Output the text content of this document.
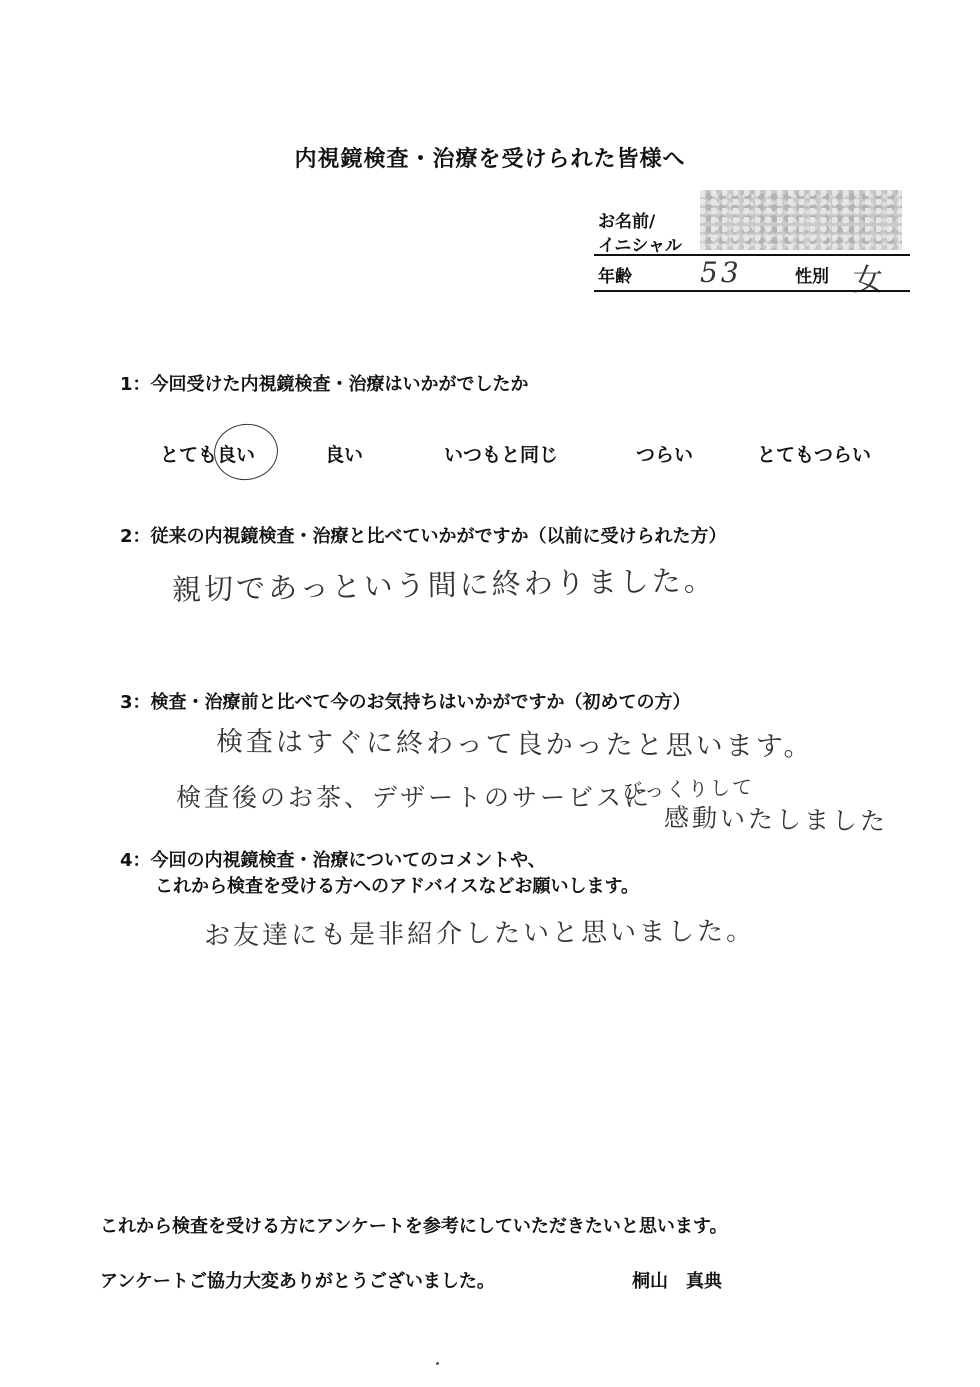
内視鏡検査・治療を受けられた皆様へ
お名前/
イニシャル
年齢 53	性別 女
1：今回受けた内視鏡検査・治療はいかがでしたか
とても良い	良い	いつもと同じ	つらい	とてもつらい
2：従来の内視鏡検査・治療と比べていかがですか（以前に受けられた方）
親切であっという間に終わりました。
3：検査・治療前と比べて今のお気持ちはいかがですか（初めての方）
検査はすぐに終わって良かったと思います。
検査後のお茶、デザートのサービスに
びっくりして
感動いたしました
4：今回の内視鏡検査・治療についてのコメントや、
これから検査を受ける方へのアドバイスなどお願いします。
お友達にも是非紹介したいと思いました。
これから検査を受ける方にアンケートを参考にしていただきたいと思います。
アンケートご協力大変ありがとうございました。	桐山　真典
